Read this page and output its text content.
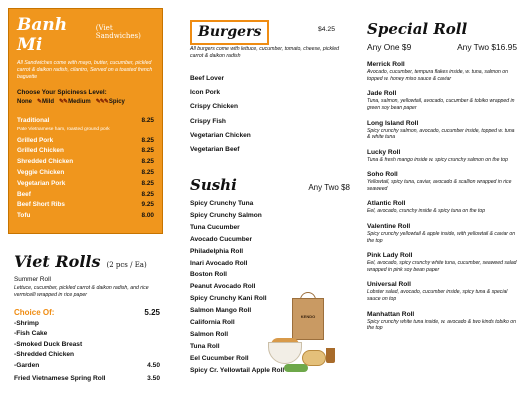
Banh Mi
(Viet Sandwiches)
All Sandwiches come with mayo, butter, cucumber, pickled carrot & daikon radish, cilantro, Served on a toasted french baguette
Choose Your Spiciness Level:
None ✎ Mild ✎✎ Medium ✎✎✎ Spicy
Traditional	8.25
Pate Vietnamese ham, roasted ground pork
Grilled Pork	8.25
Grilled Chicken	8.25
Shredded Chicken	8.25
Veggie Chicken	8.25
Vegetarian Pork	8.25
Beef	8.25
Beef Short Ribs	9.25
Tofu	8.00
Viet Rolls (2 pcs / Ea)
Summer Roll
Lettuce, cucumber, pickled carrot & daikon radish, and rice vermicelli wrapped in rice paper
Choice Of:	5.25
-Shrimp
-Fish Cake
-Smoked Duck Breast
-Shredded Chicken
-Garden	4.50
Fried Vietnamese Spring Roll	3.50
Burgers	$4.25
All burgers come with lettuce, cucumber, tomato, cheese, pickled carrot & daikon radish
Beef Lover
Icon Pork
Crispy Chicken
Crispy Fish
Vegetarian Chicken
Vegetarian Beef
Sushi	Any Two $8
Spicy Crunchy Tuna
Spicy Crunchy Salmon
Tuna Cucumber
Avocado Cucumber
Philadelphia Roll
Inari Avocado Roll
Boston Roll
Peanut Avocado Roll
Spicy Crunchy Kani Roll
Salmon Mango Roll
California Roll
Salmon Roll
Tuna Roll
Eel Cucumber Roll
Spicy Cr. Yellowtail Apple Roll
KENDO
Special Roll
Any One $9	Any Two $16.95
Merrick Roll
Avocado, cucumber, tempura flakes inside, w. tuna, salmon on topped w. honey miso sauce & caviar
Jade Roll
Tuna, salmon, yellowtail, avocado, cucumber & tobiko wrapped in green soy bean paper
Long Island Roll
Spicy crunchy salmon, avocado, cucumber inside, topped w. tuna & white tuna
Lucky Roll
Tuna & fresh mango inside w. spicy crunchy salmon on the top
Soho Roll
Yellowtail, spicy tuna, caviar, avocado & scallion wrapped in rice seaweed
Atlantic Roll
Eel, avocado, crunchy inside & spicy tuna on the top
Valentine Roll
Spicy crunchy yellowtail & apple inside, with yellowtail & caviar on the top
Pink Lady Roll
Eel, avocado, spicy crunchy white tuna, cucumber, seaweed salad wrapped in pink soy bean paper
Universal Roll
Lobster salad, avocado, cucumber inside, spicy tuna & special sauce on top
Manhattan Roll
Spicy crunchy white tuna inside, w. avocado & two kinds tobiko on the top
